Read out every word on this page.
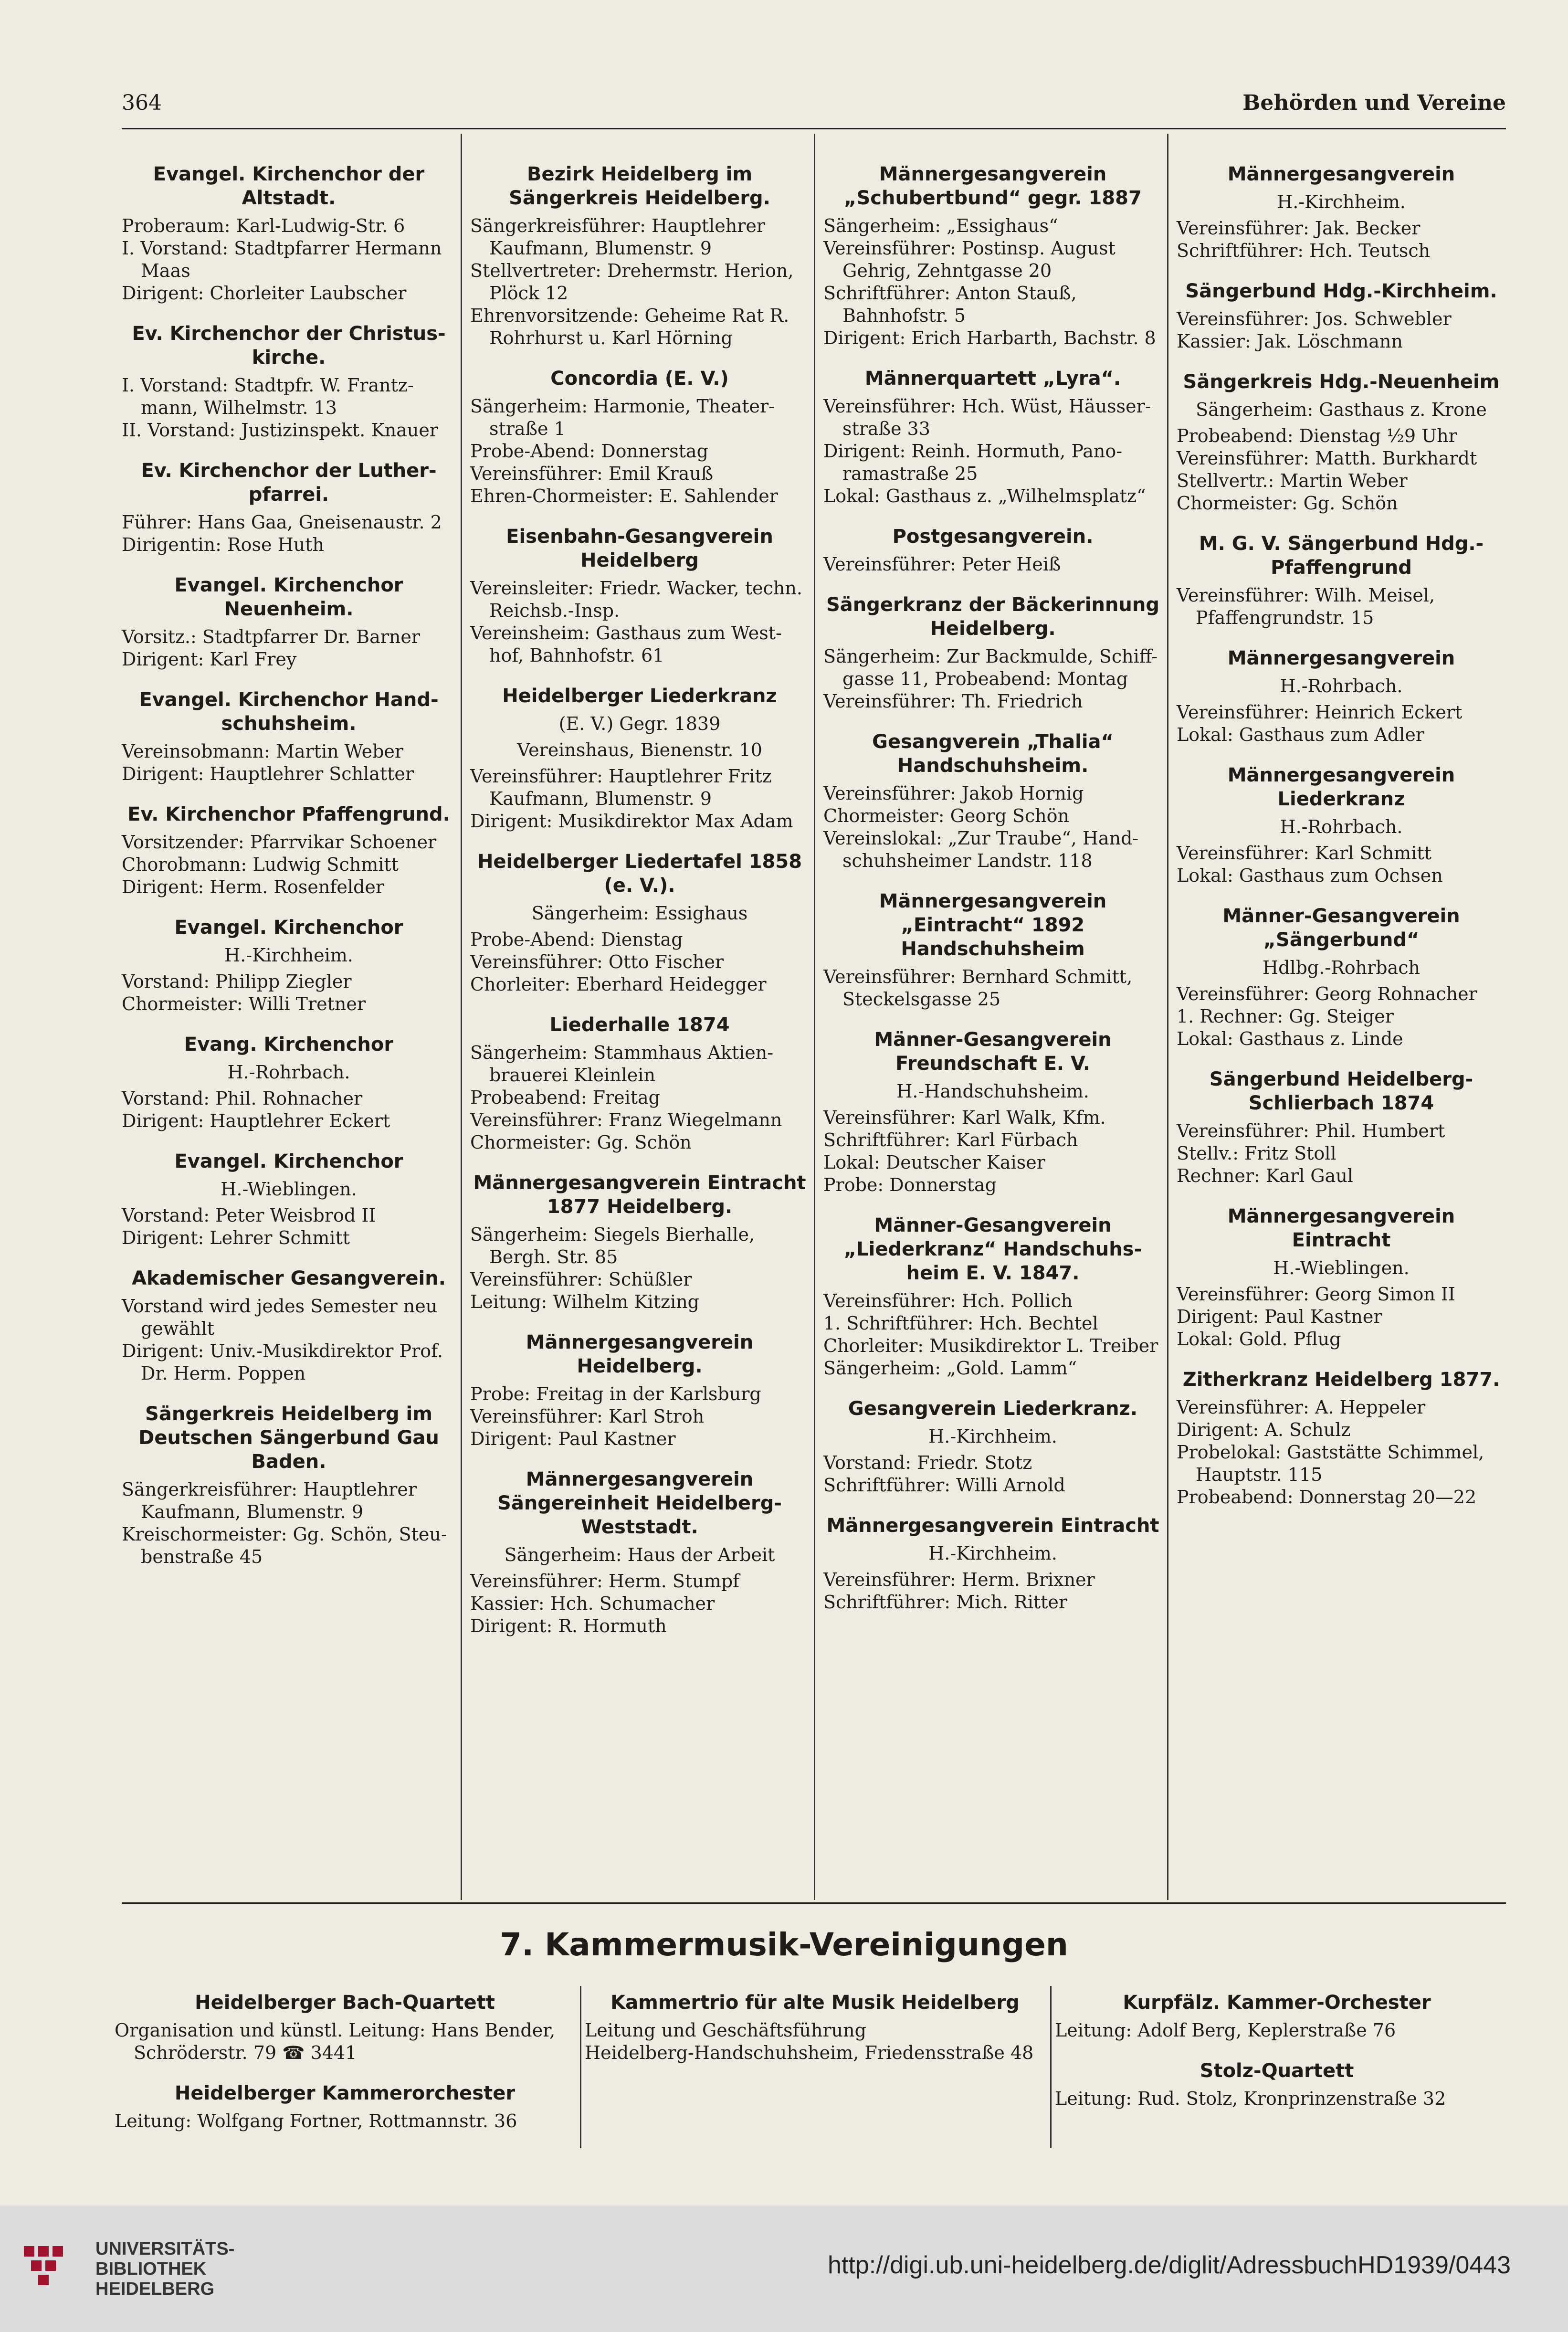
364	Behörden und Vereine
Evangel. Kirchenchor der Altstadt.
Proberaum: Karl-Ludwig-Str. 6
I. Vorstand: Stadtpfarrer Hermann Maas
Dirigent: Chorleiter Laubscher
Ev. Kirchenchor der Christus-kirche.
I. Vorstand: Stadtpfr. W. Frantz-mann, Wilhelmstr. 13
II. Vorstand: Justizinspekt. Knauer
Ev. Kirchenchor der Luther-pfarrei.
Führer: Hans Gaa, Gneisenaustr. 2
Dirigentin: Rose Huth
Evangel. Kirchenchor Neuenheim.
Vorsitz.: Stadtpfarrer Dr. Barner
Dirigent: Karl Frey
Evangel. Kirchenchor Hand-schuhsheim.
Vereinsobmann: Martin Weber
Dirigent: Hauptlehrer Schlatter
Ev. Kirchenchor Pfaffengrund.
Vorsitzender: Pfarrvikar Schoener
Chorobmann: Ludwig Schmitt
Dirigent: Herm. Rosenfelder
Evangel. Kirchenchor
H.-Kirchheim.
Vorstand: Philipp Ziegler
Chormeister: Willi Tretner
Evang. Kirchenchor
H.-Rohrbach.
Vorstand: Phil. Rohnacher
Dirigent: Hauptlehrer Eckert
Evangel. Kirchenchor
H.-Wieblingen.
Vorstand: Peter Weisbrod II
Dirigent: Lehrer Schmitt
Akademischer Gesangverein.
Vorstand wird jedes Semester neu gewählt
Dirigent: Univ.-Musikdirektor Prof. Dr. Herm. Poppen
Sängerkreis Heidelberg im Deutschen Sängerbund Gau Baden.
Sängerkreisführer: Hauptlehrer Kaufmann, Blumenstr. 9
Kreischormeister: Gg. Schön, Steu-benstraße 45
Bezirk Heidelberg im Sängerkreis Heidelberg.
Sängerkreisführer: Hauptlehrer Kaufmann, Blumenstr. 9
Stellvertreter: Drehermstr. Herion, Plöck 12
Ehrenvorsitzende: Geheime Rat R. Rohrhurst u. Karl Hörning
Concordia (E. V.)
Sängerheim: Harmonie, Theater-straße 1
Probe-Abend: Donnerstag
Vereinsführer: Emil Krauß
Ehren-Chormeister: E. Sahlender
Eisenbahn-Gesangverein Heidelberg
Vereinsleiter: Friedr. Wacker, techn. Reichsb.-Insp.
Vereinsheim: Gasthaus zum West-hof, Bahnhofstr. 61
Heidelberger Liederkranz
(E. V.) Gegr. 1839
Vereinshaus, Bienenstr. 10
Vereinsführer: Hauptlehrer Fritz Kaufmann, Blumenstr. 9
Dirigent: Musikdirektor Max Adam
Heidelberger Liedertafel 1858 (e. V.).
Sängerheim: Essighaus
Probe-Abend: Dienstag
Vereinsführer: Otto Fischer
Chorleiter: Eberhard Heidegger
Liederhalle 1874
Sängerheim: Stammhaus Aktien-brauerei Kleinlein
Probeabend: Freitag
Vereinsführer: Franz Wiegelmann
Chormeister: Gg. Schön
Männergesangverein Eintracht 1877 Heidelberg.
Sängerheim: Siegels Bierhalle, Bergh. Str. 85
Vereinsführer: Schüßler
Leitung: Wilhelm Kitzing
Männergesangverein Heidelberg.
Probe: Freitag in der Karlsburg
Vereinsführer: Karl Stroh
Dirigent: Paul Kastner
Männergesangverein Sängereinheit Heidelberg-Weststadt.
Sängerheim: Haus der Arbeit
Vereinsführer: Herm. Stumpf
Kassier: Hch. Schumacher
Dirigent: R. Hormuth
Männergesangverein „Schubertbund“ gegr. 1887
Sängerheim: „Essighaus“
Vereinsführer: Postinsp. August Gehrig, Zehntgasse 20
Schriftführer: Anton Stauß, Bahnhofstr. 5
Dirigent: Erich Harbarth, Bachstr. 8
Männerquartett „Lyra“.
Vereinsführer: Hch. Wüst, Häusser-straße 33
Dirigent: Reinh. Hormuth, Pano-ramastraße 25
Lokal: Gasthaus z. „Wilhelmsplatz“
Postgesangverein.
Vereinsführer: Peter Heiß
Sängerkranz der Bäckerinnung Heidelberg.
Sängerheim: Zur Backmulde, Schiff-gasse 11, Probeabend: Montag
Vereinsführer: Th. Friedrich
Gesangverein „Thalia“ Handschuhsheim.
Vereinsführer: Jakob Hornig
Chormeister: Georg Schön
Vereinslokal: „Zur Traube“, Hand-schuhsheimer Landstr. 118
Männergesangverein „Eintracht“ 1892 Handschuhsheim
Vereinsführer: Bernhard Schmitt, Steckelsgasse 25
Männer-Gesangverein Freundschaft E. V.
H.-Handschuhsheim.
Vereinsführer: Karl Walk, Kfm.
Schriftführer: Karl Fürbach
Lokal: Deutscher Kaiser
Probe: Donnerstag
Männer-Gesangverein „Liederkranz“ Handschuhs-heim E. V. 1847.
Vereinsführer: Hch. Pollich
1. Schriftführer: Hch. Bechtel
Chorleiter: Musikdirektor L. Treiber
Sängerheim: „Gold. Lamm“
Gesangverein Liederkranz.
H.-Kirchheim.
Vorstand: Friedr. Stotz
Schriftführer: Willi Arnold
Männergesangverein Eintracht
H.-Kirchheim.
Vereinsführer: Herm. Brixner
Schriftführer: Mich. Ritter
Männergesangverein
H.-Kirchheim.
Vereinsführer: Jak. Becker
Schriftführer: Hch. Teutsch
Sängerbund Hdg.-Kirchheim.
Vereinsführer: Jos. Schwebler
Kassier: Jak. Löschmann
Sängerkreis Hdg.-Neuenheim
Sängerheim: Gasthaus z. Krone
Probeabend: Dienstag ½9 Uhr
Vereinsführer: Matth. Burkhardt
Stellvertr.: Martin Weber
Chormeister: Gg. Schön
M. G. V. Sängerbund Hdg.-Pfaffengrund
Vereinsführer: Wilh. Meisel, Pfaffengrundstr. 15
Männergesangverein
H.-Rohrbach.
Vereinsführer: Heinrich Eckert
Lokal: Gasthaus zum Adler
Männergesangverein Liederkranz
H.-Rohrbach.
Vereinsführer: Karl Schmitt
Lokal: Gasthaus zum Ochsen
Männer-Gesangverein „Sängerbund“
Hdlbg.-Rohrbach
Vereinsführer: Georg Rohnacher
1. Rechner: Gg. Steiger
Lokal: Gasthaus z. Linde
Sängerbund Heidelberg-Schlierbach 1874
Vereinsführer: Phil. Humbert
Stellv.: Fritz Stoll
Rechner: Karl Gaul
Männergesangverein Eintracht
H.-Wieblingen.
Vereinsführer: Georg Simon II
Dirigent: Paul Kastner
Lokal: Gold. Pflug
Zitherkranz Heidelberg 1877.
Vereinsführer: A. Heppeler
Dirigent: A. Schulz
Probelokal: Gaststätte Schimmel, Hauptstr. 115
Probeabend: Donnerstag 20—22
7. Kammermusik-Vereinigungen
Heidelberger Bach-Quartett
Organisation und künstl. Leitung: Hans Bender, Schröderstr. 79 ☎ 3441
Heidelberger Kammerorchester
Leitung: Wolfgang Fortner, Rottmannstr. 36
Kammertrio für alte Musik Heidelberg
Leitung und Geschäftsführung
Heidelberg-Handschuhsheim, Friedensstraße 48
Kurpfälz. Kammer-Orchester
Leitung: Adolf Berg, Keplerstraße 76
Stolz-Quartett
Leitung: Rud. Stolz, Kronprinzenstraße 32
UNIVERSITÄTS-
BIBLIOTHEK
HEIDELBERG
http://digi.ub.uni-heidelberg.de/diglit/AdressbuchHD1939/0443
